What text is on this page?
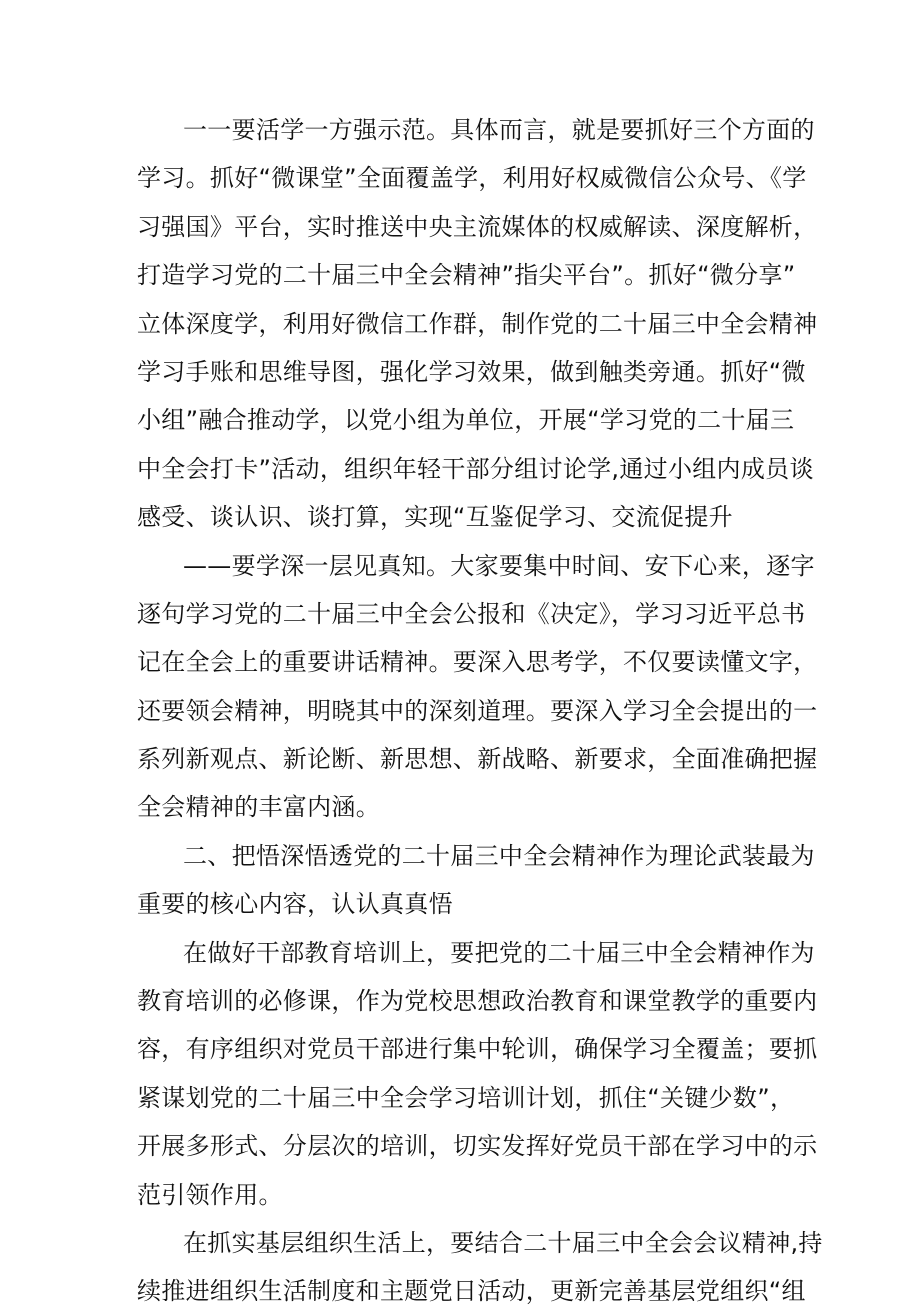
一一要活学一方强示范。具体而言，就是要抓好三个方面的
学习。抓好“微课堂”全面覆盖学，利用好权威微信公众号、《学
习强国》平台，实时推送中央主流媒体的权威解读、深度解析，
打造学习党的二十届三中全会精神”指尖平台”。抓好“微分享”
立体深度学，利用好微信工作群，制作党的二十届三中全会精神
学习手账和思维导图，强化学习效果，做到触类旁通。抓好“微
小组”融合推动学，以党小组为单位，开展“学习党的二十届三
中全会打卡”活动，组织年轻干部分组讨论学,通过小组内成员谈
感受、谈认识、谈打算，实现“互鉴促学习、交流促提升
——要学深一层见真知。大家要集中时间、安下心来，逐字
逐句学习党的二十届三中全会公报和《决定》，学习习近平总书
记在全会上的重要讲话精神。要深入思考学，不仅要读懂文字，
还要领会精神，明晓其中的深刻道理。要深入学习全会提出的一
系列新观点、新论断、新思想、新战略、新要求，全面准确把握
全会精神的丰富内涵。
二、把悟深悟透党的二十届三中全会精神作为理论武装最为
重要的核心内容，认认真真悟
在做好干部教育培训上，要把党的二十届三中全会精神作为
教育培训的必修课，作为党校思想政治教育和课堂教学的重要内
容，有序组织对党员干部进行集中轮训，确保学习全覆盖；要抓
紧谋划党的二十届三中全会学习培训计划，抓住“关键少数”，
开展多形式、分层次的培训，切实发挥好党员干部在学习中的示
范引领作用。
在抓实基层组织生活上，要结合二十届三中全会会议精神,持
续推进组织生活制度和主题党日活动，更新完善基层党组织“组
